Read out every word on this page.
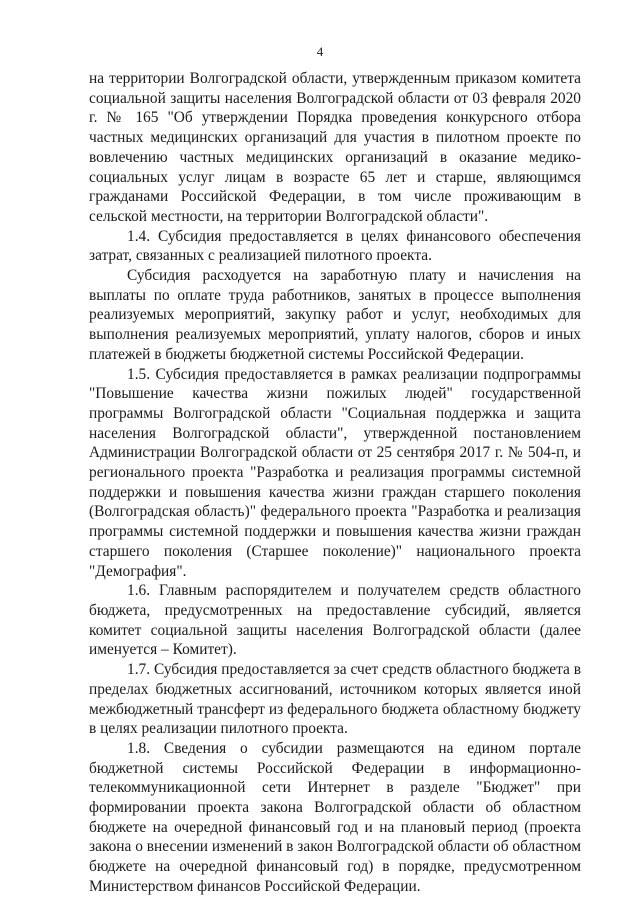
4

на территории Волгоградской области, утвержденным приказом комитета социальной защиты населения Волгоградской области от 03 февраля 2020 г. № 165 "Об утверждении Порядка проведения конкурсного отбора частных медицинских организаций для участия в пилотном проекте по вовлечению частных медицинских организаций в оказание медико-социальных услуг лицам в возрасте 65 лет и старше, являющимся гражданами Российской Федерации, в том числе проживающим в сельской местности, на территории Волгоградской области".

1.4. Субсидия предоставляется в целях финансового обеспечения затрат, связанных с реализацией пилотного проекта.

Субсидия расходуется на заработную плату и начисления на выплаты по оплате труда работников, занятых в процессе выполнения реализуемых мероприятий, закупку работ и услуг, необходимых для выполнения реализуемых мероприятий, уплату налогов, сборов и иных платежей в бюджеты бюджетной системы Российской Федерации.

1.5. Субсидия предоставляется в рамках реализации подпрограммы "Повышение качества жизни пожилых людей" государственной программы Волгоградской области "Социальная поддержка и защита населения Волгоградской области", утвержденной постановлением Администрации Волгоградской области от 25 сентября 2017 г. № 504-п, и регионального проекта "Разработка и реализация программы системной поддержки и повышения качества жизни граждан старшего поколения (Волгоградская область)" федерального проекта "Разработка и реализация программы системной поддержки и повышения качества жизни граждан старшего поколения (Старшее поколение)" национального проекта "Демография".

1.6. Главным распорядителем и получателем средств областного бюджета, предусмотренных на предоставление субсидий, является комитет социальной защиты населения Волгоградской области (далее именуется – Комитет).

1.7. Субсидия предоставляется за счет средств областного бюджета в пределах бюджетных ассигнований, источником которых является иной межбюджетный трансферт из федерального бюджета областному бюджету в целях реализации пилотного проекта.

1.8. Сведения о субсидии размещаются на едином портале бюджетной системы Российской Федерации в информационно-телекоммуникационной сети Интернет в разделе "Бюджет" при формировании проекта закона Волгоградской области об областном бюджете на очередной финансовый год и на плановый период (проекта закона о внесении изменений в закон Волгоградской области об областном бюджете на очередной финансовый год) в порядке, предусмотренном Министерством финансов Российской Федерации.
